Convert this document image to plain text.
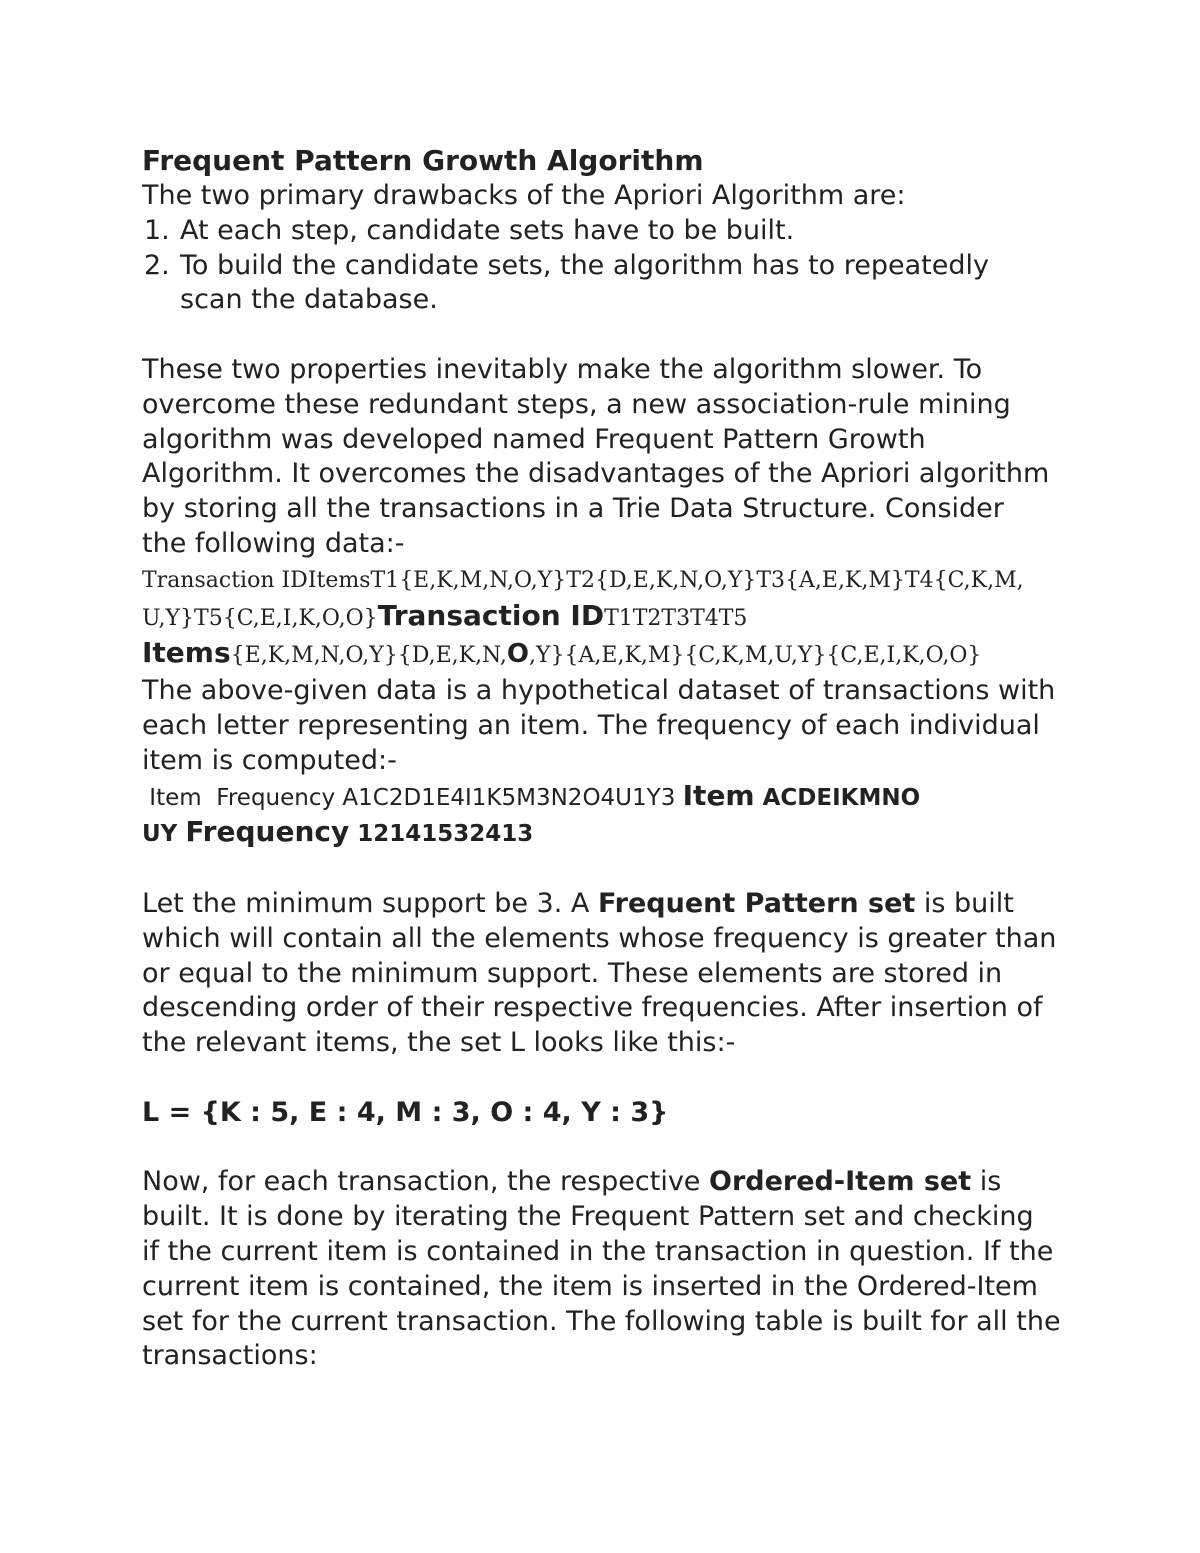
Frequent Pattern Growth Algorithm
The two primary drawbacks of the Apriori Algorithm are:
1. At each step, candidate sets have to be built.
2. To build the candidate sets, the algorithm has to repeatedly
scan the database.
These two properties inevitably make the algorithm slower. To
overcome these redundant steps, a new association-rule mining
algorithm was developed named Frequent Pattern Growth
Algorithm. It overcomes the disadvantages of the Apriori algorithm
by storing all the transactions in a Trie Data Structure. Consider
the following data:-
Transaction IDItemsT1{E,K,M,N,O,Y}T2{D,E,K,N,O,Y}T3{A,E,K,M}T4{C,K,M,
U,Y}T5{C,E,I,K,O,O}Transaction IDT1T2T3T4T5
Items{E,K,M,N,O,Y}{D,E,K,N,O,Y}{A,E,K,M}{C,K,M,U,Y}{C,E,I,K,O,O}
The above-given data is a hypothetical dataset of transactions with
each letter representing an item. The frequency of each individual
item is computed:-
Item  Frequency A1C2D1E4I1K5M3N2O4U1Y3 Item ACDEIKMNO
UY Frequency 12141532413
Let the minimum support be 3. A Frequent Pattern set is built
which will contain all the elements whose frequency is greater than
or equal to the minimum support. These elements are stored in
descending order of their respective frequencies. After insertion of
the relevant items, the set L looks like this:-
L = {K : 5, E : 4, M : 3, O : 4, Y : 3}
Now, for each transaction, the respective Ordered-Item set is
built. It is done by iterating the Frequent Pattern set and checking
if the current item is contained in the transaction in question. If the
current item is contained, the item is inserted in the Ordered-Item
set for the current transaction. The following table is built for all the
transactions:
